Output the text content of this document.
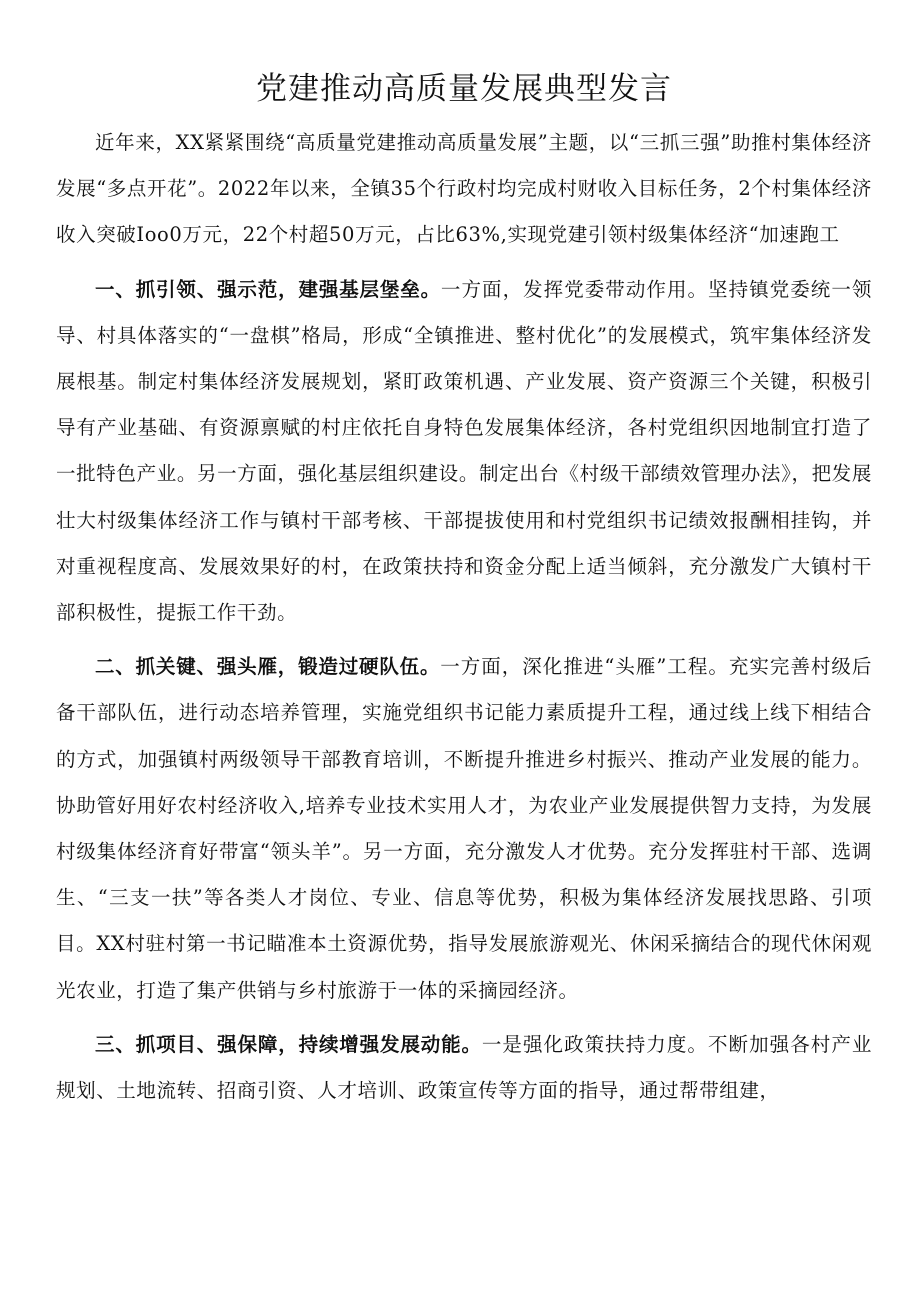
党建推动高质量发展典型发言

近年来，XX紧紧围绕“高质量党建推动高质量发展”主题，以“三抓三强”助推村集体经济发展“多点开花”。2022年以来，全镇35个行政村均完成村财收入目标任务，2个村集体经济收入突破Ioo0万元，22个村超50万元，占比63%,实现党建引领村级集体经济“加速跑工

一、抓引领、强示范，建强基层堡垒。一方面，发挥党委带动作用。坚持镇党委统一领导、村具体落实的“一盘棋”格局，形成“全镇推进、整村优化”的发展模式，筑牢集体经济发展根基。制定村集体经济发展规划，紧盯政策机遇、产业发展、资产资源三个关键，积极引导有产业基础、有资源禀赋的村庄依托自身特色发展集体经济，各村党组织因地制宜打造了一批特色产业。另一方面，强化基层组织建设。制定出台《村级干部绩效管理办法》，把发展壮大村级集体经济工作与镇村干部考核、干部提拔使用和村党组织书记绩效报酬相挂钩，并对重视程度高、发展效果好的村，在政策扶持和资金分配上适当倾斜，充分激发广大镇村干部积极性，提振工作干劲。

二、抓关键、强头雁，锻造过硬队伍。一方面，深化推进“头雁”工程。充实完善村级后备干部队伍，进行动态培养管理，实施党组织书记能力素质提升工程，通过线上线下相结合的方式，加强镇村两级领导干部教育培训，不断提升推进乡村振兴、推动产业发展的能力。协助管好用好农村经济收入,培养专业技术实用人才，为农业产业发展提供智力支持，为发展村级集体经济育好带富“领头羊”。另一方面，充分激发人才优势。充分发挥驻村干部、选调生、“三支一扶”等各类人才岗位、专业、信息等优势，积极为集体经济发展找思路、引项目。XX村驻村第一书记瞄准本土资源优势，指导发展旅游观光、休闲采摘结合的现代休闲观光农业，打造了集产供销与乡村旅游于一体的采摘园经济。

三、抓项目、强保障，持续增强发展动能。一是强化政策扶持力度。不断加强各村产业规划、土地流转、招商引资、人才培训、政策宣传等方面的指导，通过帮带组建，
